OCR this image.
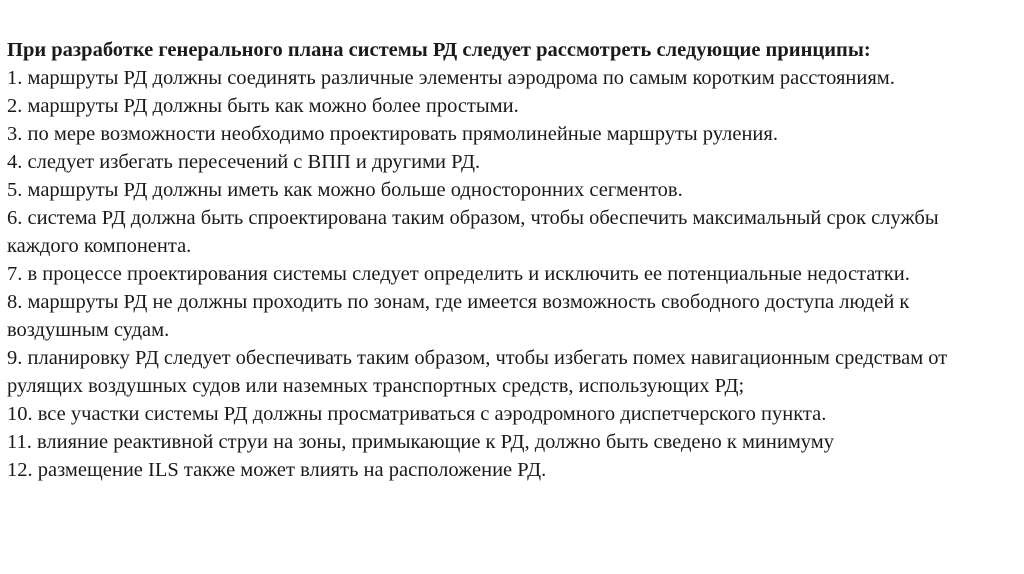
При разработке генерального плана системы РД следует рассмотреть следующие принципы:

1. маршруты РД должны соединять различные элементы аэродрома по самым коротким расстояниям.

2. маршруты РД должны быть как можно более простыми.

3. по мере возможности необходимо проектировать прямолинейные маршруты руления.

4. следует избегать пересечений с ВПП и другими РД.

5. маршруты РД должны иметь как можно больше односторонних сегментов.

6. система РД должна быть спроектирована таким образом, чтобы обеспечить максимальный срок службы каждого компонента.

7. в процессе проектирования системы следует определить и исключить ее потенциальные недостатки.

8. маршруты РД не должны проходить по зонам, где имеется возможность свободного доступа людей к воздушным судам.

9. планировку РД следует обеспечивать таким образом, чтобы избегать помех навигационным средствам от рулящих воздушных судов или наземных транспортных средств, использующих РД;

10. все участки системы РД должны просматриваться с аэродромного диспетчерского пункта.

11. влияние реактивной струи на зоны, примыкающие к РД, должно быть сведено к минимуму

12. размещение ILS также может влиять на расположение РД.
